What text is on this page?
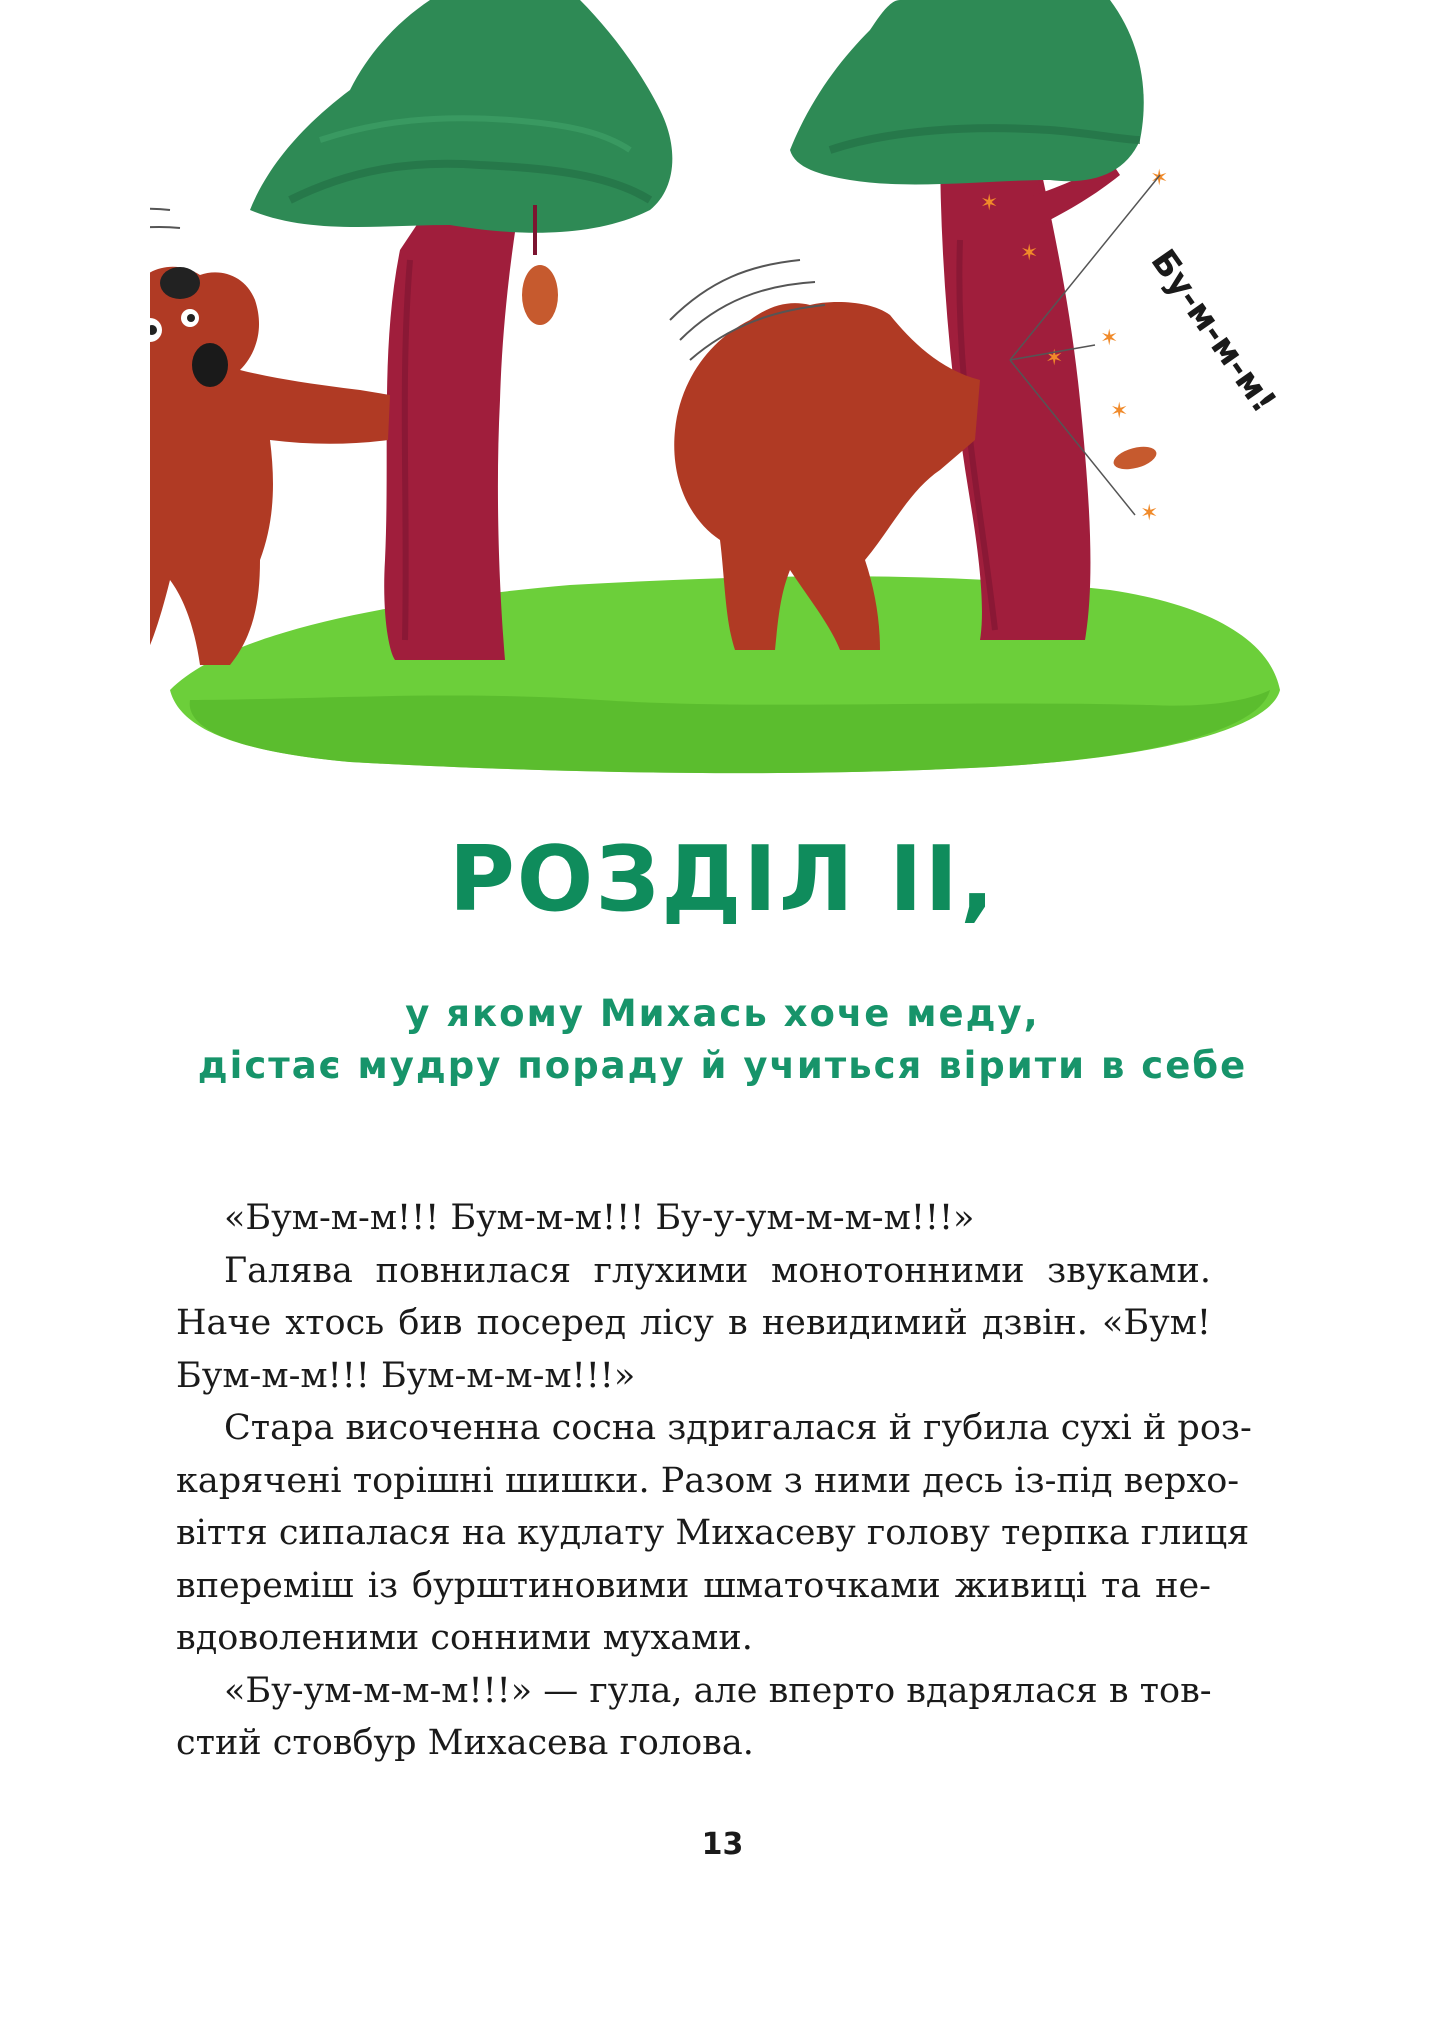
✶
✶
✶
✶
✶
✶
✶ Бу-м-м-м!
РОЗДІЛ ІІ,
у якому Михась хоче меду,
дістає мудру пораду й учиться вірити в себе
«Бум-м-м!!! Бум-м-м!!! Бу-у-ум-м-м-м!!!»
Галява повнилася глухими монотонними звуками.
Наче хтось бив посеред лісу в невидимий дзвін. «Бум!
Бум-м-м!!! Бум-м-м-м!!!»
Стара височенна сосна здригалася й губила сухі й роз-
карячені торішні шишки. Разом з ними десь із-під верхо-
віття сипалася на кудлату Михасеву голову терпка глиця
впереміш із бурштиновими шматочками живиці та не-
вдоволеними сонними мухами.
«Бу-ум-м-м-м!!!» — гула, але вперто вдарялася в тов-
стий стовбур Михасева голова.
13
